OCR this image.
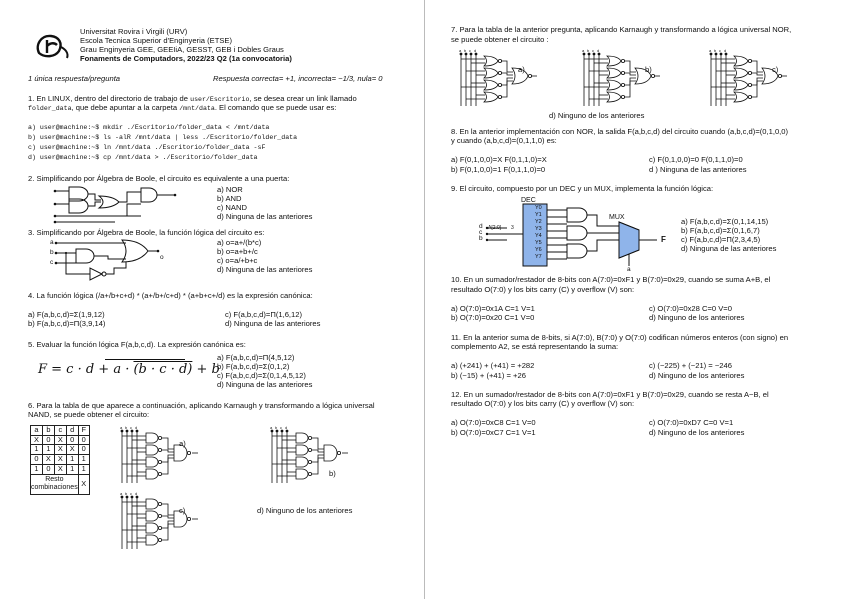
Universitat Rovira i Virgili (URV)
Escola Tecnica Superior d'Enginyeria (ETSE)
Grau Enginyeria GEE, GEEIiA, GESST, GEB i Dobles Graus
Fonaments de Computadors, 2022/23 Q2 (1a convocatoria)
1 única respuesta/pregunta	Respuesta correcta= +1, incorrecta= −1/3, nula= 0
1. En LINUX, dentro del directorio de trabajo de user/Escritorio, se desea crear un link llamado
folder_data, que debe apuntar a la carpeta /mnt/data. El comando que se puede usar es:
a) user@machine:~$ mkdir ./Escritorio/folder_data < /mnt/data
b) user@machine:~$ ls -alR /mnt/data | less ./Escritorio/folder_data
c) user@machine:~$ ln /mnt/data ./Escritorio/folder_data -sF
d) user@machine:~$ cp /mnt/data > ./Escritorio/folder_data
2. Simplificando por Álgebra de Boole, el circuito es equivalente a una puerta:
a) NOR
b) AND
c) NAND
d) Ninguna de las anteriores
3. Simplificando por Álgebra de Boole, la función lógica del circuito es:
a
b
c
o
a) o=a+/(b*c)
b) o=a+b+/c
c) o=a/+b+c
d) Ninguna de las anteriores
4. La función lógica (/a+/b+c+d) * (a+/b+/c+d) * (a+b+c+/d) es la expresión canónica:
a) F(a,b,c,d)=Σ(1,9,12)
b) F(a,b,c,d)=Π(3,9,14)
c) F(a,b,c,d)=Π(1,6,12)
d) Ninguna de las anteriores
5. Evaluar la función lógica F(a,b,c,d). La expresión canónica es:
F = c · d + a · (b · c · d) + b
a) F(a,b,c,d)=Π(4,5,12)
b) F(a,b,c,d)=Σ(0,1,2)
c) F(a,b,c,d)=Σ(0,1,4,5,12)
d) Ninguna de las anteriores
6. Para la tabla de que aparece a continuación, aplicando Karnaugh y transformando a lógica universal
NAND, se puede obtener el circuito:
a	b	c	d	F
X	0	X	0	0
1	1	X	X	0
0	X	X	1	1
1	0	X	1	1
Resto combinaciones				X
a b c d
a)
a b c d
b)
a b c d
c)	d) Ninguno de los anteriores
7. Para la tabla de la anterior pregunta, aplicando Karnaugh y transformando a lógica universal NOR,
se puede obtener el circuito :
a b c d
a)
a b c d
b)
a b c d
c)
d) Ninguno de los anteriores
8. En la anterior implementación con NOR, la salida F(a,b,c,d) del circuito cuando (a,b,c,d)=(0,1,0,0)
y cuando (a,b,c,d)=(0,1,1,0) es:
a) F(0,1,0,0)=X F(0,1,1,0)=X
b) F(0,1,0,0)=1 F(0,1,1,0)=0
c) F(0,1,0,0)=0 F(0,1,1,0)=0
d ) Ninguna de las anteriores
9. El circuito, compuesto por un DEC y un MUX, implementa la función lógica:
DEC
MUX
Y0
Y1
Y2
Y3
Y4
Y5
Y6
Y7
d
c
b
A[2:0] 3
F
a
a) F(a,b,c,d)=Σ(0,1,14,15)
b) F(a,b,c,d)=Σ(0,1,6,7)
c) F(a,b,c,d)=Π(2,3,4,5)
d) Ninguna de las anteriores
10. En un sumador/restador de 8-bits con A(7:0)=0xF1 y B(7:0)=0x29, cuando se suma A+B, el
resultado O(7:0) y los bits carry (C) y overflow (V) son:
a) O(7:0)=0x1A C=1 V=1
b) O(7:0)=0x20 C=1 V=0
c) O(7:0)=0x28 C=0 V=0
d) Ninguno de los anteriores
11. En la anterior suma de 8-bits, si A(7:0), B(7:0) y O(7:0) codifican números enteros (con signo) en
complemento A2, se está representando la suma:
a) (+241) + (+41) = +282
b) (−15) + (+41) = +26
c) (−225) + (−21) = −246
d) Ninguno de los anteriores
12. En un sumador/restador de 8-bits con A(7:0)=0xF1 y B(7:0)=0x29, cuando se resta A−B, el
resultado O(7:0) y los bits carry (C) y overflow (V) son:
a) O(7:0)=0xC8 C=1 V=0
b) O(7:0)=0xC7 C=1 V=1
c) O(7:0)=0xD7 C=0 V=1
d) Ninguno de los anteriores
